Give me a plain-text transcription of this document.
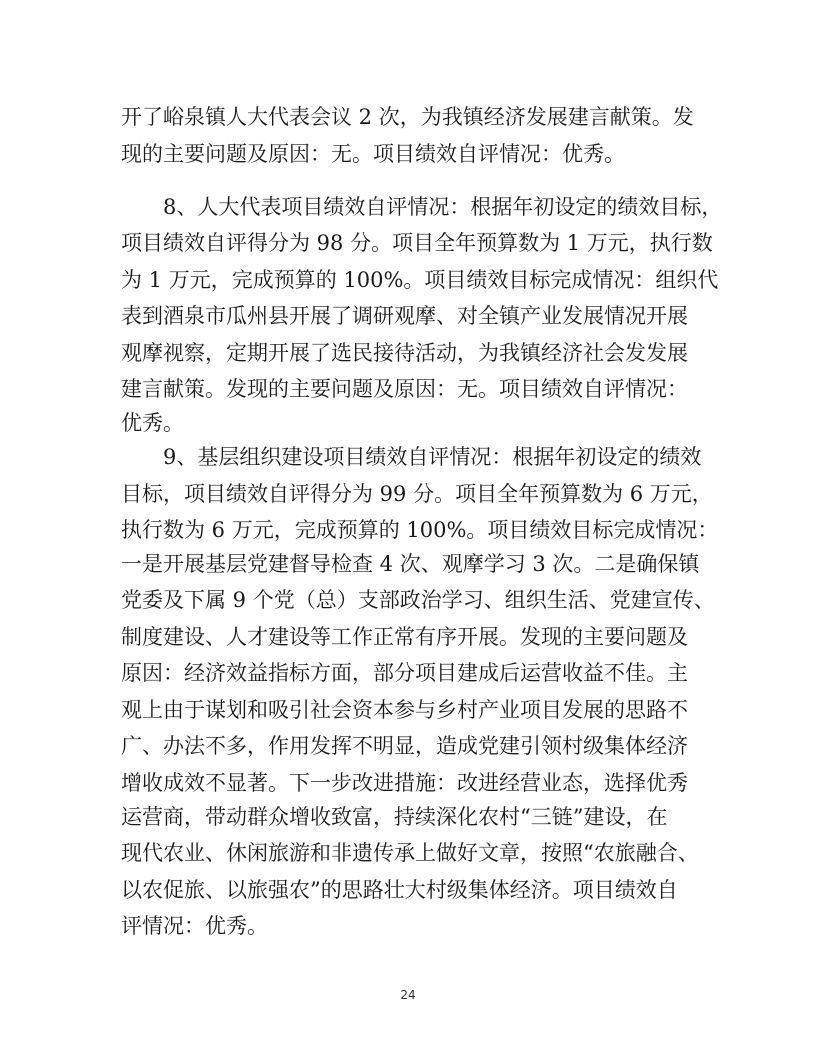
开了峪泉镇人大代表会议 2 次，为我镇经济发展建言献策。发
现的主要问题及原因：无。项目绩效自评情况：优秀。
8、人大代表项目绩效自评情况：根据年初设定的绩效目标，
项目绩效自评得分为 98 分。项目全年预算数为 1 万元，执行数
为 1 万元，完成预算的 100%。项目绩效目标完成情况：组织代
表到酒泉市瓜州县开展了调研观摩、对全镇产业发展情况开展
观摩视察，定期开展了选民接待活动，为我镇经济社会发发展
建言献策。发现的主要问题及原因：无。项目绩效自评情况：
优秀。
9、基层组织建设项目绩效自评情况：根据年初设定的绩效
目标，项目绩效自评得分为 99 分。项目全年预算数为 6 万元，
执行数为 6 万元，完成预算的 100%。项目绩效目标完成情况：
一是开展基层党建督导检查 4 次、观摩学习 3 次。二是确保镇
党委及下属 9 个党（总）支部政治学习、组织生活、党建宣传、
制度建设、人才建设等工作正常有序开展。发现的主要问题及
原因：经济效益指标方面，部分项目建成后运营收益不佳。主
观上由于谋划和吸引社会资本参与乡村产业项目发展的思路不
广、办法不多，作用发挥不明显，造成党建引领村级集体经济
增收成效不显著。下一步改进措施：改进经营业态，选择优秀
运营商，带动群众增收致富，持续深化农村“三链”建设，在
现代农业、休闲旅游和非遗传承上做好文章，按照“农旅融合、
以农促旅、以旅强农”的思路壮大村级集体经济。项目绩效自
评情况：优秀。
24
